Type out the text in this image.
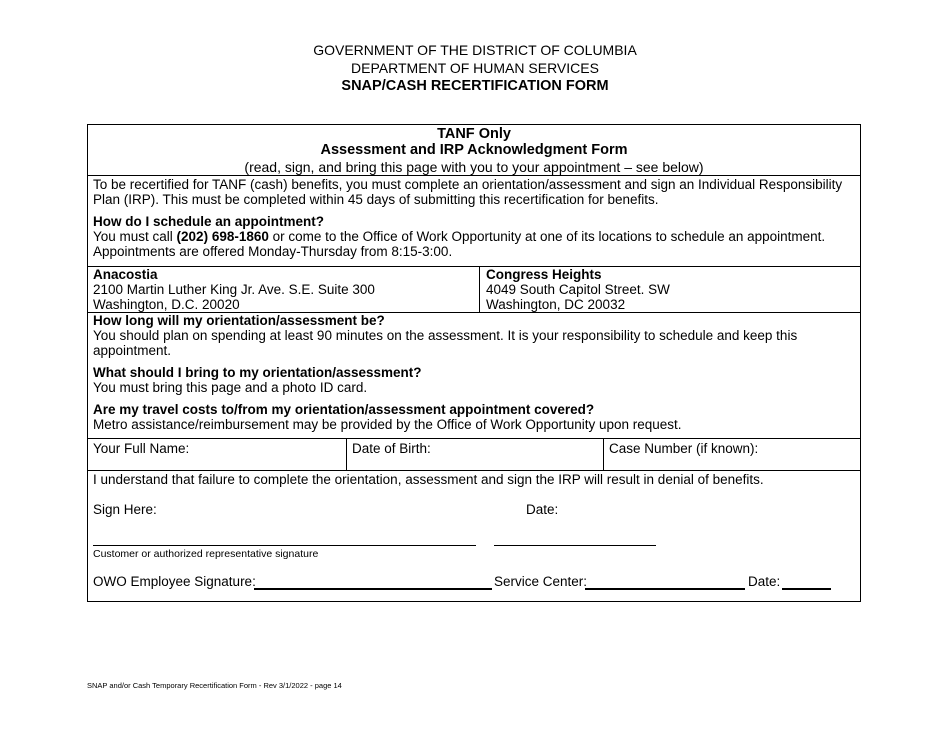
GOVERNMENT OF THE DISTRICT OF COLUMBIA
DEPARTMENT OF HUMAN SERVICES
SNAP/CASH RECERTIFICATION FORM
TANF Only
Assessment and IRP Acknowledgment Form
(read, sign, and bring this page with you to your appointment – see below)
To be recertified for TANF (cash) benefits, you must complete an orientation/assessment and sign an Individual Responsibility
Plan (IRP). This must be completed within 45 days of submitting this recertification for benefits.
How do I schedule an appointment?
You must call (202) 698-1860 or come to the Office of Work Opportunity at one of its locations to schedule an appointment.
Appointments are offered Monday-Thursday from 8:15-3:00.
Anacostia
2100 Martin Luther King Jr. Ave. S.E. Suite 300
Washington, D.C. 20020
Congress Heights
4049 South Capitol Street. SW
Washington, DC 20032
How long will my orientation/assessment be?
You should plan on spending at least 90 minutes on the assessment. It is your responsibility to schedule and keep this
appointment.
What should I bring to my orientation/assessment?
You must bring this page and a photo ID card.
Are my travel costs to/from my orientation/assessment appointment covered?
Metro assistance/reimbursement may be provided by the Office of Work Opportunity upon request.
Your Full Name:	Date of Birth:	Case Number (if known):
I understand that failure to complete the orientation, assessment and sign the IRP will result in denial of benefits.
Sign Here:	Date:
Customer or authorized representative signature
OWO Employee Signature:	Service Center:	Date:
SNAP and/or Cash Temporary Recertification Form - Rev 3/1/2022 - page 14
